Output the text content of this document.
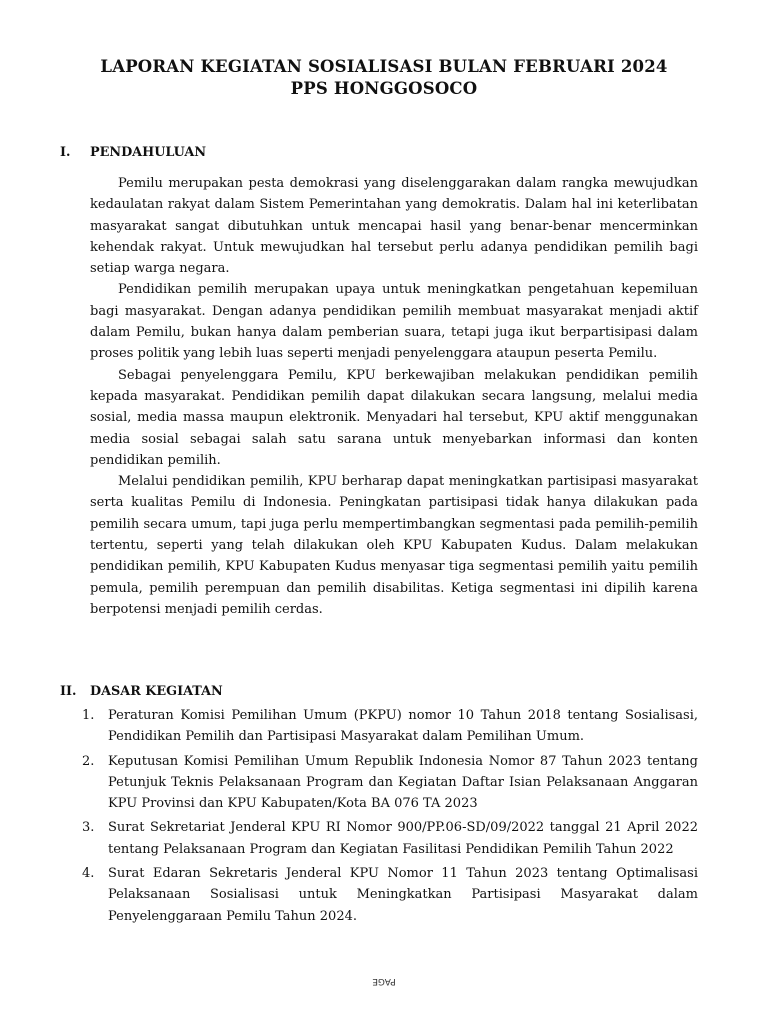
LAPORAN KEGIATAN SOSIALISASI BULAN FEBRUARI 2024
PPS HONGGOSOCO
I. PENDAHULUAN

Pemilu merupakan pesta demokrasi yang diselenggarakan dalam rangka mewujudkan kedaulatan rakyat dalam Sistem Pemerintahan yang demokratis. Dalam hal ini keterlibatan masyarakat sangat dibutuhkan untuk mencapai hasil yang benar-benar mencerminkan kehendak rakyat. Untuk mewujudkan hal tersebut perlu adanya pendidikan pemilih bagi setiap warga negara.

Pendidikan pemilih merupakan upaya untuk meningkatkan pengetahuan kepemiluan bagi masyarakat. Dengan adanya pendidikan pemilih membuat masyarakat menjadi aktif dalam Pemilu, bukan hanya dalam pemberian suara, tetapi juga ikut berpartisipasi dalam proses politik yang lebih luas seperti menjadi penyelenggara ataupun peserta Pemilu.

Sebagai penyelenggara Pemilu, KPU berkewajiban melakukan pendidikan pemilih kepada masyarakat. Pendidikan pemilih dapat dilakukan secara langsung, melalui media sosial, media massa maupun elektronik. Menyadari hal tersebut, KPU aktif menggunakan media sosial sebagai salah satu sarana untuk menyebarkan informasi dan konten pendidikan pemilih.

Melalui pendidikan pemilih, KPU berharap dapat meningkatkan partisipasi masyarakat serta kualitas Pemilu di Indonesia. Peningkatan partisipasi tidak hanya dilakukan pada pemilih secara umum, tapi juga perlu mempertimbangkan segmentasi pada pemilih-pemilih tertentu, seperti yang telah dilakukan oleh KPU Kabupaten Kudus. Dalam melakukan pendidikan pemilih, KPU Kabupaten Kudus menyasar tiga segmentasi pemilih yaitu pemilih pemula, pemilih perempuan dan pemilih disabilitas. Ketiga segmentasi ini dipilih karena berpotensi menjadi pemilih cerdas.

II. DASAR KEGIATAN
1. Peraturan Komisi Pemilihan Umum (PKPU) nomor 10 Tahun 2018 tentang Sosialisasi, Pendidikan Pemilih dan Partisipasi Masyarakat dalam Pemilihan Umum.
2. Keputusan Komisi Pemilihan Umum Republik Indonesia Nomor 87 Tahun 2023 tentang Petunjuk Teknis Pelaksanaan Program dan Kegiatan Daftar Isian Pelaksanaan Anggaran KPU Provinsi dan KPU Kabupaten/Kota BA 076 TA 2023
3. Surat Sekretariat Jenderal KPU RI Nomor 900/PP.06-SD/09/2022 tanggal 21 April 2022 tentang Pelaksanaan Program dan Kegiatan Fasilitasi Pendidikan Pemilih Tahun 2022
4. Surat Edaran Sekretaris Jenderal KPU Nomor 11 Tahun 2023 tentang Optimalisasi Pelaksanaan Sosialisasi untuk Meningkatkan Partisipasi Masyarakat dalam Penyelenggaraan Pemilu Tahun 2024.
PAGE
